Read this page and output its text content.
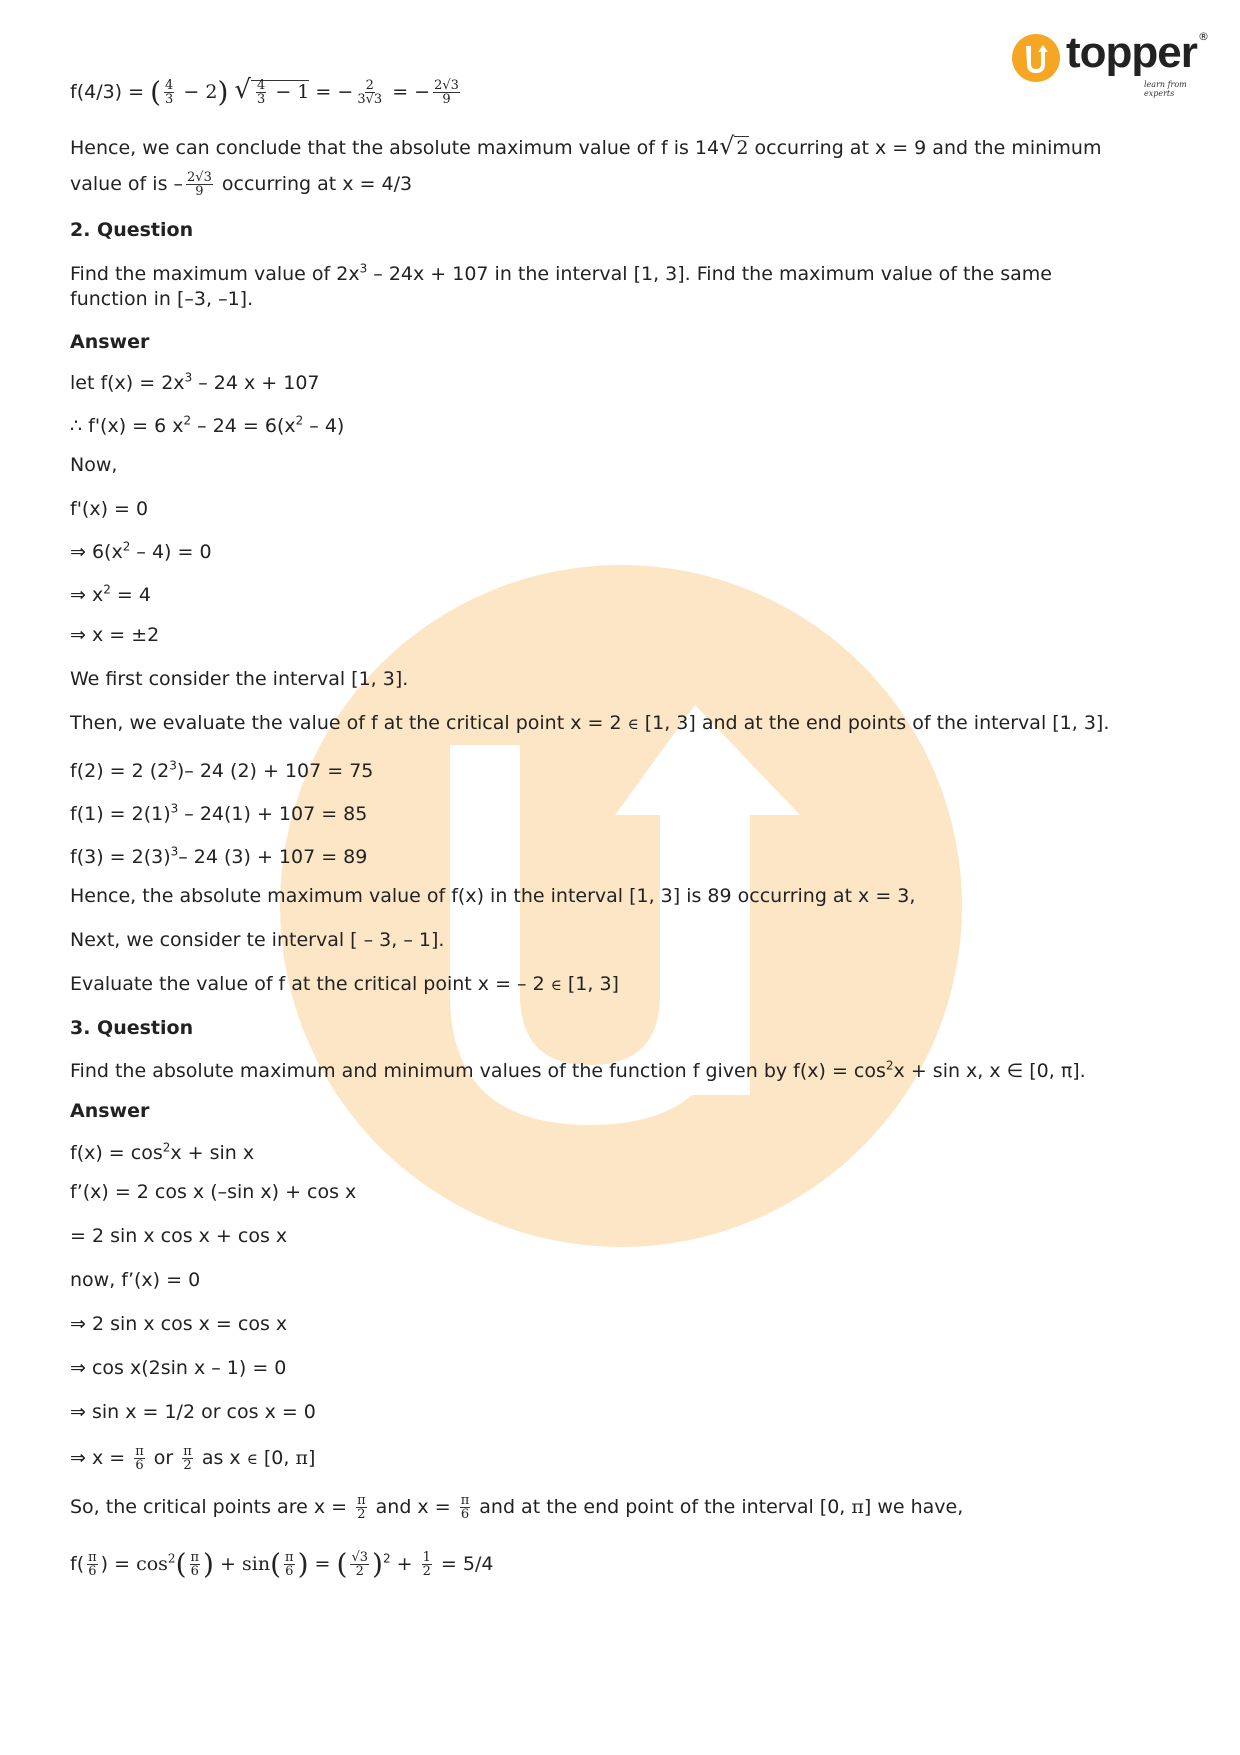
topper ®
learn from experts

f(4/3) = ( $\frac{4}{3} - 2$) √ $\frac{4}{3} - 1$ = − $\frac{2}{3√3}$ = − $\frac{2√3}{9}$

Hence, we can conclude that the absolute maximum value of f is 14√ 2 occurring at x = 9 and the minimum
value of is – $\frac{2√3}{9}$ occurring at x = 4/3

2. Question

Find the maximum value of $2x^3 - 24x + 107$ in the interval [1, 3]. Find the maximum value of the same
function in [–3, –1].

Answer

let $f(x) = 2x^3 - 24$ x + 107

∴ f'(x) = 6 $x^2 - 24 = 6(x^2 - 4)$

Now,

f'(x) = 0

⇒ $6(x^2 - 4) = 0$

⇒ $x^2 = 4$

⇒ x = ±2

We first consider the interval [1, 3].

Then, we evaluate the value of f at the critical point x = 2 ∈ [1, 3] and at the end points of the interval [1, 3].

f(2) = 2 $(2^3)-$ 24 (2) + 107 = 75

$f(1) = 2(1)^3 - 24(1) + 107 = 85$

$f(3) = 2(3)^3-$ 24 (3) + 107 = 89

Hence, the absolute maximum value of f(x) in the interval [1, 3] is 89 occurring at x = 3,

Next, we consider te interval [ – 3, – 1].

Evaluate the value of f at the critical point x = – 2 ∈ [1, 3]

3. Question

Find the absolute maximum and minimum values of the function f given by $f(x) = \cos^2x + \sin x$, x ∈ [0, π].

Answer

$f(x) = \cos^2x + \sin x$

f’(x) = 2 cos x (–sin x) + cos x

= 2 sin x cos x + cos x

now, f’(x) = 0

⇒ 2 sin x cos x = cos x

⇒ cos x(2sin x – 1) = 0

⇒ sin x = 1/2 or cos x = 0

⇒ $x = \frac{\pi}{6}$ or $\frac{\pi}{2}$ as x ∈ [0, π]

So, the critical points are $x = \frac{\pi}{2}$ and $x = \frac{\pi}{6}$ and at the end point of the interval [0, π] we have,

$f( \frac{\pi}{6}$ ) = $\cos^2( \frac{\pi}{6}$ ) + $\sin( \frac{\pi}{6}$ ) = ( $\frac{√3}{2} )^2 + \frac{1}{2} = 5/4$
